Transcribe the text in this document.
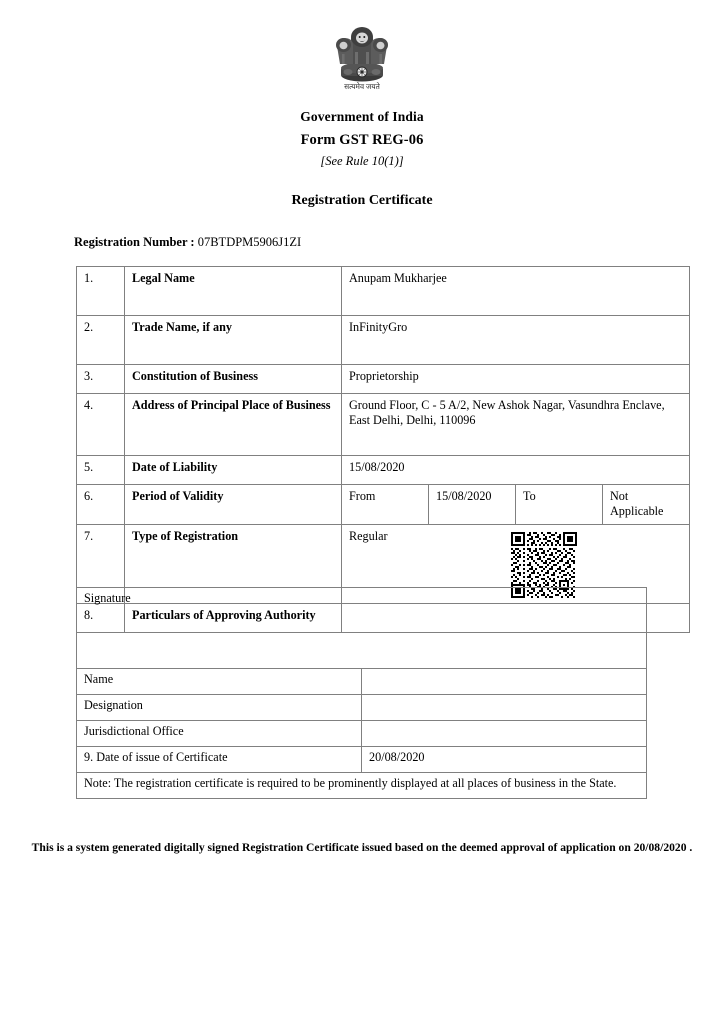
सत्यमेव जयते
Government of India
Form GST REG-06
[See Rule 10(1)]
Registration Certificate
Registration Number : 07BTDPM5906J1ZI
1.	Legal Name	Anupam Mukharjee			
2.	Trade Name, if any	InFinityGro			
3.	Constitution of Business	Proprietorship			
4.	Address of Principal Place of Business	Ground Floor, C - 5 A/2, New Ashok Nagar, Vasundhra Enclave, East Delhi, Delhi, 110096			
5.	Date of Liability	15/08/2020			
6.	Period of Validity	From	15/08/2020	To	Not Applicable
7.	Type of Registration	Regular			

8.	Particulars of Approving Authority				
Signature	
Name	
Designation	
Jurisdictional Office	
9. Date of issue of Certificate	20/08/2020
Note: The registration certificate is required to be prominently displayed at all places of business in the State.	
This is a system generated digitally signed Registration Certificate issued based on the deemed approval of application on 20/08/2020 .
